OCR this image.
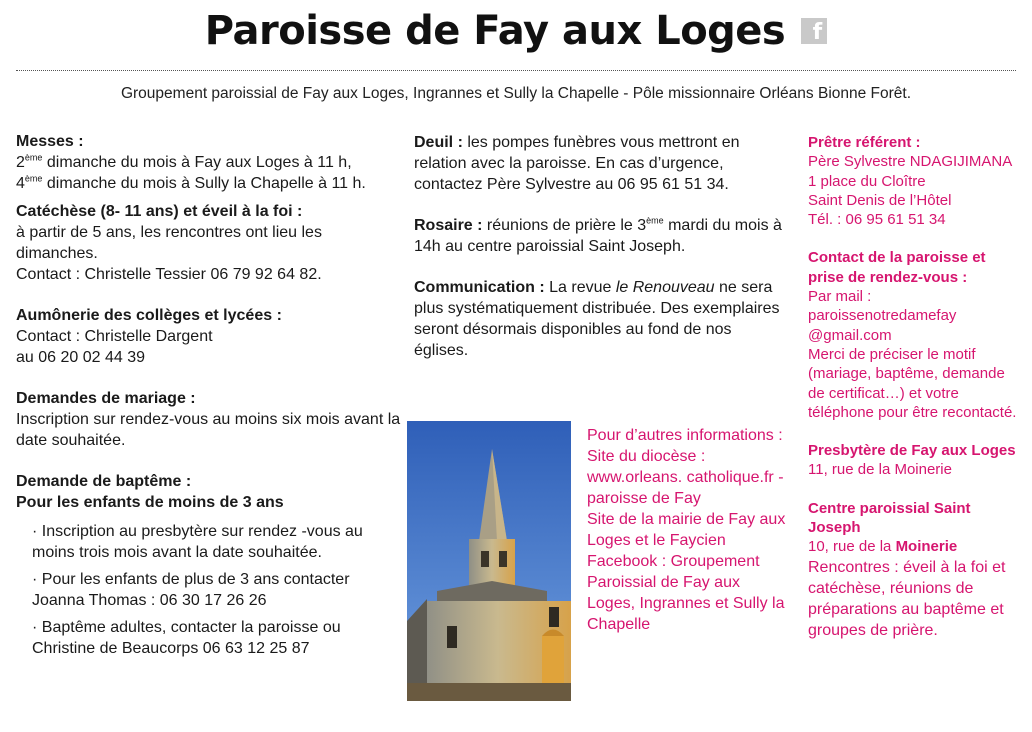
Paroisse de Fay aux Loges f
Groupement paroissial de Fay aux Loges, Ingrannes et Sully la Chapelle - Pôle missionnaire Orléans Bionne Forêt.

Messes :

2ème dimanche du mois à Fay aux Loges à 11 h,

4ème dimanche du mois à Sully la Chapelle à 11 h.

Catéchèse (8- 11 ans) et éveil à la foi :

à partir de 5 ans, les rencontres ont lieu les dimanches.

Contact : Christelle Tessier 06 79 92 64 82.

Aumônerie des collèges et lycées :

Contact : Christelle Dargent

au 06 20 02 44 39

Demandes de mariage :

Inscription sur rendez-vous au moins six mois avant la date souhaitée.

Demande de baptême :

Pour les enfants de moins de 3 ans

· Inscription au presbytère sur rendez -vous au moins trois mois avant la date souhaitée.

· Pour les enfants de plus de 3 ans contacter Joanna Thomas : 06 30 17 26 26

· Baptême adultes, contacter la paroisse ou Christine de Beaucorps 06 63 12 25 87

Deuil : les pompes funèbres vous mettront en relation avec la paroisse. En cas d’urgence, contactez Père Sylvestre au 06 95 61 51 34.

Rosaire : réunions de prière le 3ème mardi du mois à 14h au centre paroissial Saint Joseph.

Communication : La revue le Renouveau ne sera plus systématiquement distribuée. Des exemplaires seront désormais disponibles au fond de nos églises.

Pour d’autres informations :

Site du diocèse : www.orleans. catholique.fr - paroisse de Fay

Site de la mairie de Fay aux Loges et le Faycien

Facebook : Groupement Paroissial de Fay aux Loges, Ingrannes et Sully la Chapelle

Prêtre référent :

Père Sylvestre NDAGIJIMANA

1 place du Cloître

Saint Denis de l’Hôtel

Tél. : 06 95 61 51 34

Contact de la paroisse et prise de rendez-vous :

Par mail :

paroissenotredamefay @gmail.com

Merci de préciser le motif (mariage, baptême, demande de certificat…) et votre téléphone pour être recontacté.

Presbytère de Fay aux Loges

11, rue de la Moinerie

Centre paroissial Saint Joseph

10, rue de la Moinerie

Rencontres : éveil à la foi et catéchèse, réunions de préparations au baptême et groupes de prière.
